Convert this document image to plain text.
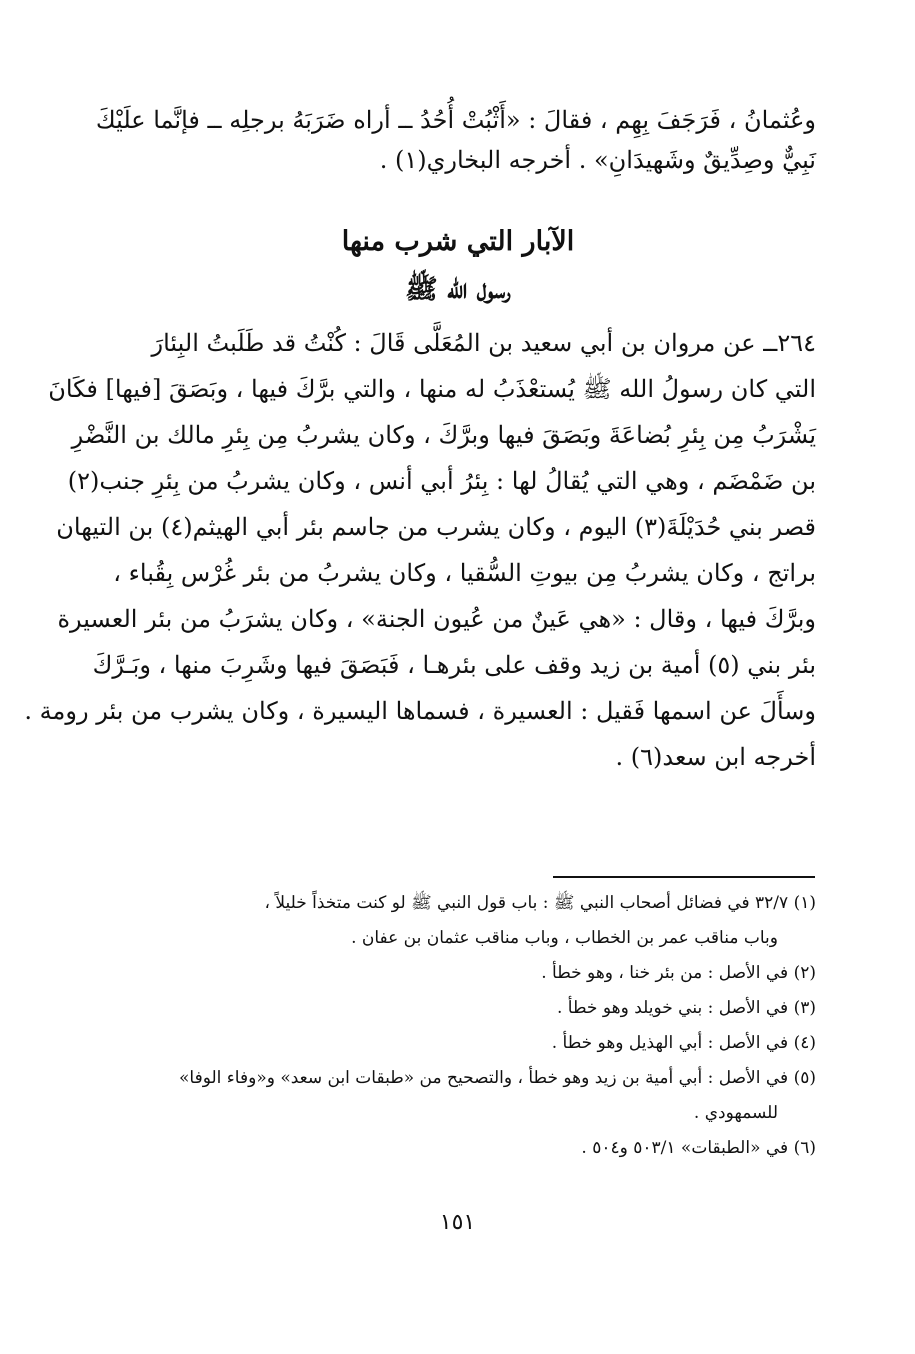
وعُثمانُ ، فَرَجَفَ بِهِم ، فقالَ : «أَثْبُتْ أُحُدُ ــ أراه ضَرَبَهُ برجلِه ــ فإنَّما علَيْكَ
نَبِيٌّ وصِدِّيقٌ وشَهيدَانِ» . أخرجه البخاري(١) .
الآبار التي شرب منها
رسول الله ﷺ
٢٦٤ــ عن مروان بن أبي سعيد بن المُعَلَّى قَالَ : كُنْتُ قد طَلَبتُ البِئارَ
التي كان رسولُ الله ﷺ يُستعْذَبُ له منها ، والتي برَّكَ فيها ، وبَصَقَ [فيها] فكَانَ
يَشْرَبُ مِن بِئرِ بُضاعَةَ وبَصَقَ فيها وبرَّكَ ، وكان يشربُ مِن بِئرِ مالك بن النَّضْرِ
بن ضَمْضَم ، وهي التي يُقالُ لها : بِئرُ أبي أنس ، وكان يشربُ من بِئرِ جنب(٢)
قصر بني حُدَيْلَةَ(٣) اليوم ، وكان يشرب من جاسم بئر أبي الهيثم(٤) بن التيهان
براتج ، وكان يشربُ مِن بيوتِ السُّقيا ، وكان يشربُ من بئر غُرْس بِقُباء ،
وبرَّكَ فيها ، وقال : «هي عَينٌ من عُيون الجنة» ، وكان يشرَبُ من بئر العسيرة
بئر بني (٥) أمية بن زيد وقف على بئرهـا ، فَبَصَقَ فيها وشَرِبَ منها ، وبَـرَّكَ
وسأَلَ عن اسمها فَقيل : العسيرة ، فسماها اليسيرة ، وكان يشرب من بئر رومة .
أخرجه ابن سعد(٦) .
(١) ٣٢/٧ في فضائل أصحاب النبي ﷺ : باب قول النبي ﷺ لو كنت متخذاً خليلاً ،
وباب مناقب عمر بن الخطاب ، وباب مناقب عثمان بن عفان .
(٢) في الأصل : من بئر خنا ، وهو خطأ .
(٣) في الأصل : بني خويلد وهو خطأ .
(٤) في الأصل : أبي الهذيل وهو خطأ .
(٥) في الأصل : أبي أمية بن زيد وهو خطأ ، والتصحيح من «طبقات ابن سعد» و«وفاء الوفا»
للسمهودي .
(٦) في «الطبقات» ٥٠٣/١ و٥٠٤ .
١٥١
